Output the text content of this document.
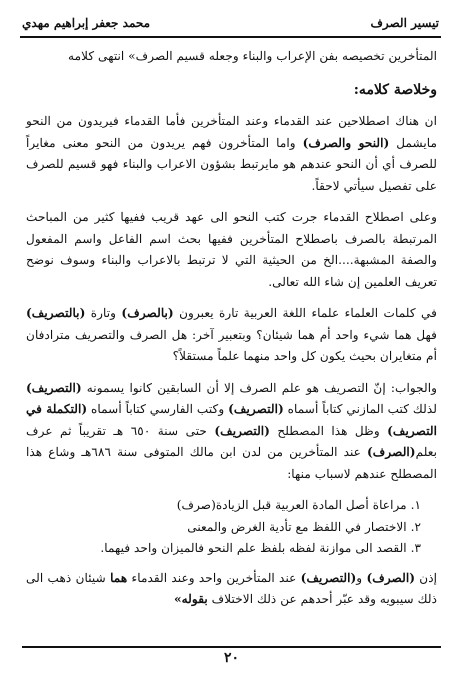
تيسير الصرف
محمد جعفر إبراهيم مهدي

المتأخرين تخصيصه بفن الإعراب والبناء وجعله قسيم الصرف» انتهى كلامه

وخلاصة كلامه:

ان هناك اصطلاحين عند القدماء وعند المتأخرين فأما القدماء فيريدون من النحو مايشمل (النحو والصرف) واما المتأخرون فهم يريدون من النحو معنى مغايراً للصرف أي أن النحو عندهم هو مايرتبط بشؤون الاعراب والبناء فهو قسيم للصرف على تفصيل سيأتي لاحقاً.

وعلى اصطلاح القدماء جرت كتب النحو الى عهد قريب ففيها كثير من المباحث المرتبطة بالصرف باصطلاح المتأخرين ففيها بحث اسم الفاعل واسم المفعول والصفة المشبهة....الخ من الحيثية التي لا ترتبط بالاعراب والبناء وسوف نوضح تعريف العلمين إن شاء الله تعالى.

في كلمات العلماء علماء اللغة العربية تارة يعبرون (بالصرف) وتارة (بالتصريف) فهل هما شيء واحد أم هما شيئان؟ وبتعبير آخر: هل الصرف والتصريف مترادفان أم متغايران بحيث يكون كل واحد منهما علماً مستقلاً؟

والجواب: إنّ التصريف هو علم الصرف إلا أن السابقين كانوا يسمونه (التصريف) لذلك كتب المازني كتاباً أسماه (التصريف) وكتب الفارسي كتاباً أسماه (التكملة في التصريف) وظل هذا المصطلح (التصريف) حتى سنة ٦٥٠ هـ تقريباً ثم عرف بعلم(الصرف) عند المتأخرين من لدن ابن مالك المتوفى سنة ٦٨٦هـ وشاع هذا المصطلح عندهم لاسباب منها:

١. مراعاة أصل المادة العربية قبل الزيادة(صرف)
٢. الاختصار في اللفظ مع تأدية الغرض والمعنى
٣. القصد الى موازنة لفظه بلفظ علم النحو فالميزان واحد فيهما.

إذن (الصرف) و(التصريف) عند المتأخرين واحد وعند القدماء هما شيئان ذهب الى ذلك سيبويه وقد عبّر أحدهم عن ذلك الاختلاف بقوله»

٢٠
